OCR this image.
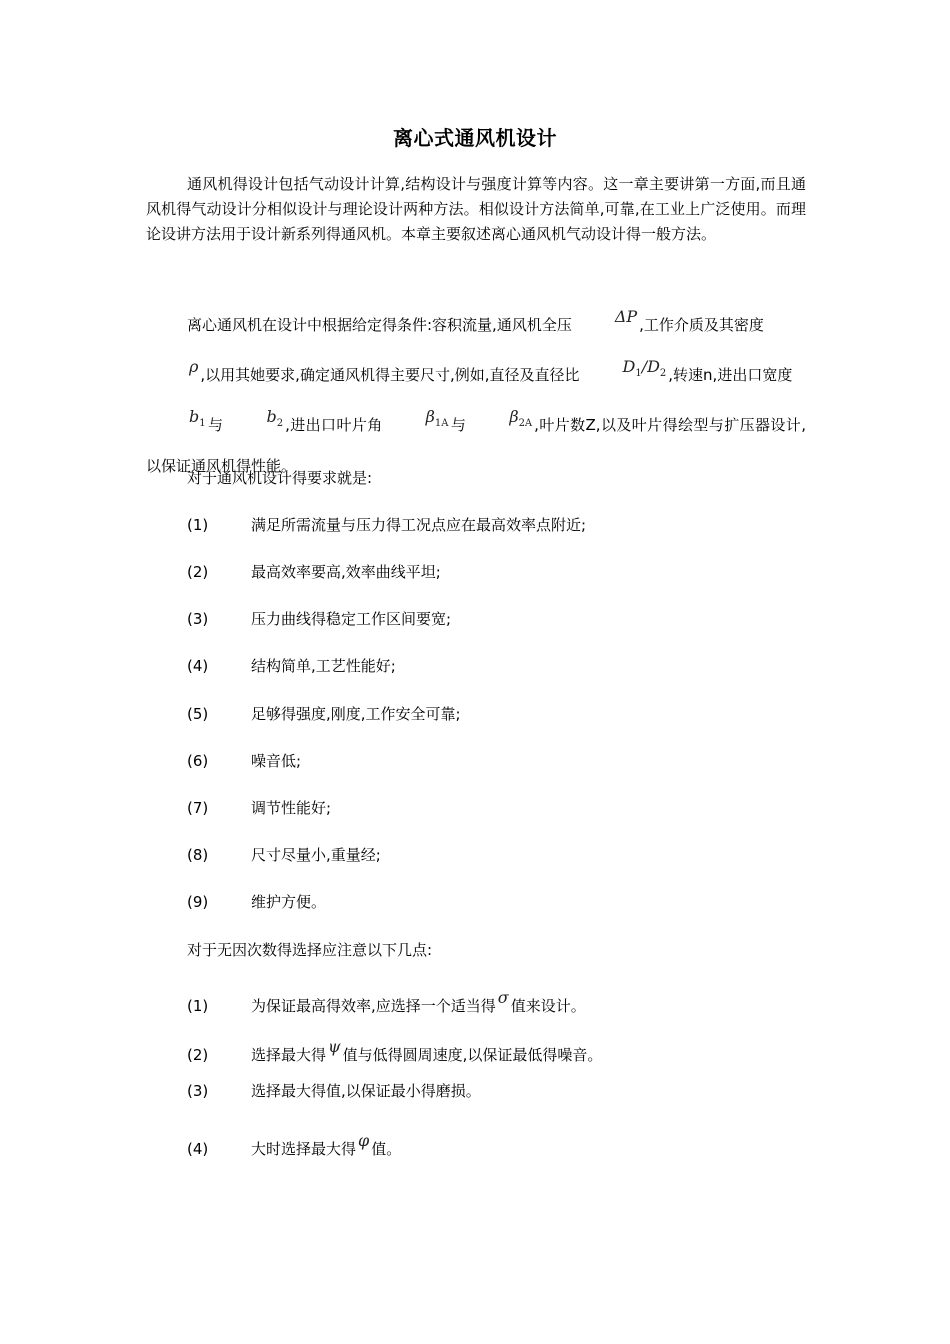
离心式通风机设计
通风机得设计包括气动设计计算,结构设计与强度计算等内容。这一章主要讲第一方面,而且通风机得气动设计分相似设计与理论设计两种方法。相似设计方法简单,可靠,在工业上广泛使用。而理论设讲方法用于设计新系列得通风机。本章主要叙述离心通风机气动设计得一般方法。
离心通风机在设计中根据给定得条件:容积流量,通风机全压	ΔP ,工作介质及其密度
ρ ,以用其她要求,确定通风机得主要尺寸,例如,直径及直径比	$D_1/D_2$ ,转速n,进出口宽度
$b_1$ 与	$b_2$ ,进出口叶片角	$\beta_{1A}$ 与	$\beta_{2A}$ ,叶片数Z,以及叶片得绘型与扩压器设计,以保证通风机得性能。
对于通风机设计得要求就是:
(1)	满足所需流量与压力得工况点应在最高效率点附近;
(2)	最高效率要高,效率曲线平坦;
(3)	压力曲线得稳定工作区间要宽;
(4)	结构简单,工艺性能好;
(5)	足够得强度,刚度,工作安全可靠;
(6)	噪音低;
(7)	调节性能好;
(8)	尺寸尽量小,重量经;
(9)	维护方便。
对于无因次数得选择应注意以下几点:
(1)	为保证最高得效率,应选择一个适当得 σ 值来设计。
(2)	选择最大得 ψ 值与低得圆周速度,以保证最低得噪音。
(3)	选择最大得值,以保证最小得磨损。
(4)	大时选择最大得 φ 值。
